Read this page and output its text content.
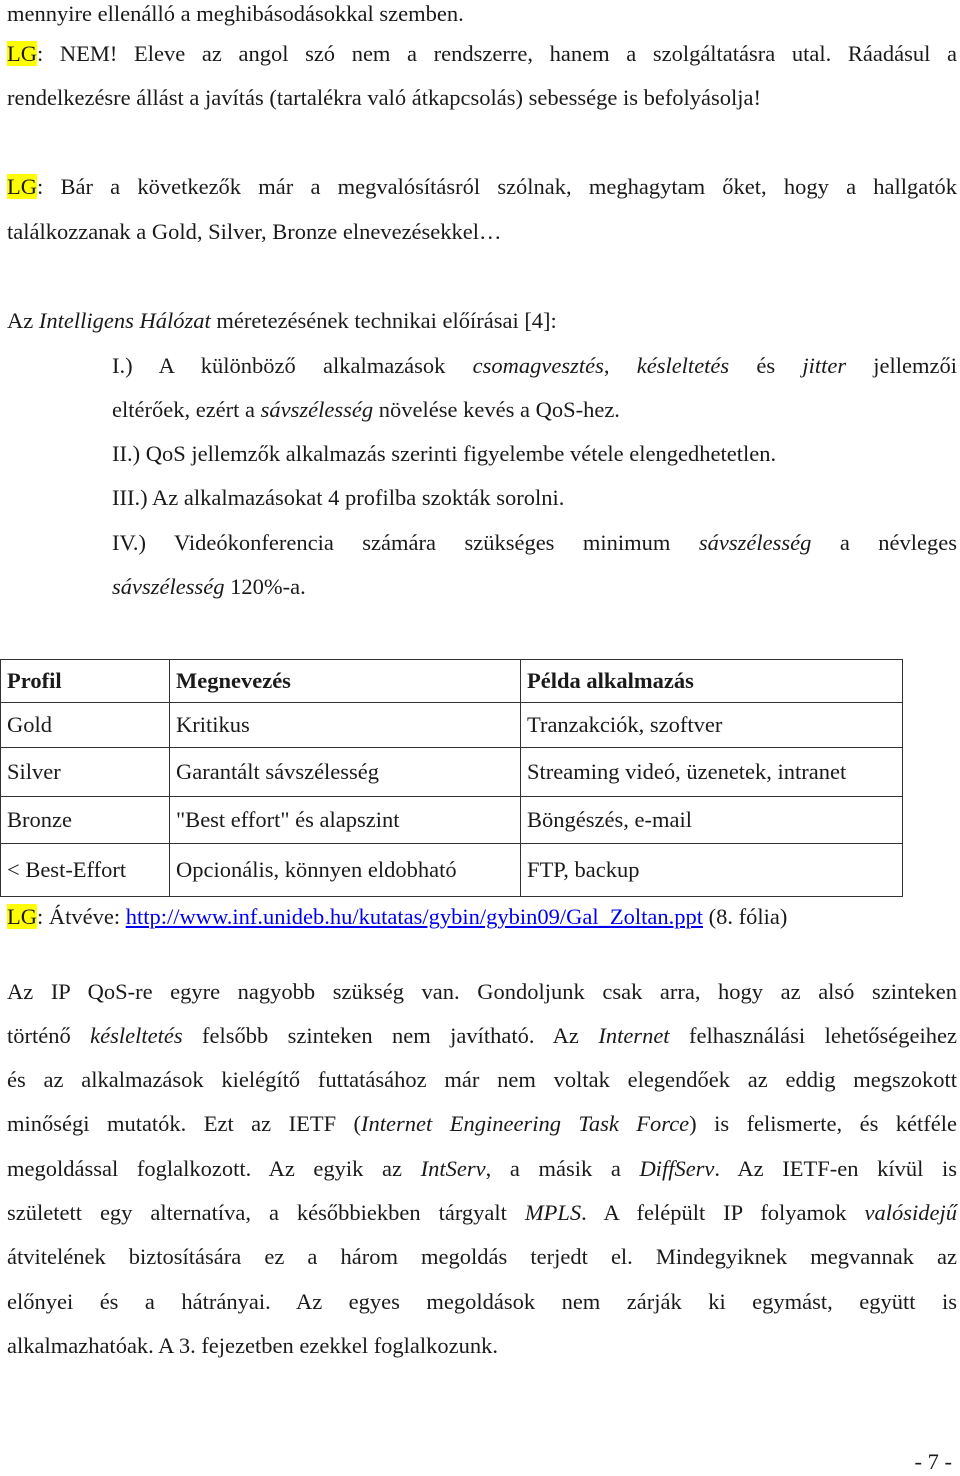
mennyire ellenálló a meghibásodásokkal szemben.
LG: NEM! Eleve az angol szó nem a rendszerre, hanem a szolgáltatásra utal. Ráadásul a
rendelkezésre állást a javítás (tartalékra való átkapcsolás) sebessége is befolyásolja!
LG: Bár a következők már a megvalósításról szólnak, meghagytam őket, hogy a hallgatók
találkozzanak a Gold, Silver, Bronze elnevezésekkel…
Az Intelligens Hálózat méretezésének technikai előírásai [4]:
I.) A különböző alkalmazások csomagvesztés, késleltetés és jitter jellemzői
eltérőek, ezért a sávszélesség növelése kevés a QoS-hez.
II.) QoS jellemzők alkalmazás szerinti figyelembe vétele elengedhetetlen.
III.) Az alkalmazásokat 4 profilba szokták sorolni.
IV.) Videókonferencia számára szükséges minimum sávszélesség a névleges
sávszélesség 120%-a.
Profil	Megnevezés	Példa alkalmazás
Gold	Kritikus	Tranzakciók, szoftver
Silver	Garantált sávszélesség	Streaming videó, üzenetek, intranet
Bronze	"Best effort" és alapszint	Böngészés, e-mail
< Best-Effort	Opcionális, könnyen eldobható	FTP, backup
LG: Átvéve: http://www.inf.unideb.hu/kutatas/gybin/gybin09/Gal_Zoltan.ppt (8. fólia)
Az IP QoS-re egyre nagyobb szükség van. Gondoljunk csak arra, hogy az alsó szinteken
történő késleltetés felsőbb szinteken nem javítható. Az Internet felhasználási lehetőségeihez
és az alkalmazások kielégítő futtatásához már nem voltak elegendőek az eddig megszokott
minőségi mutatók. Ezt az IETF (Internet Engineering Task Force) is felismerte, és kétféle
megoldással foglalkozott. Az egyik az IntServ, a másik a DiffServ. Az IETF-en kívül is
született egy alternatíva, a későbbiekben tárgyalt MPLS. A felépült IP folyamok valósidejű
átvitelének biztosítására ez a három megoldás terjedt el. Mindegyiknek megvannak az
előnyei és a hátrányai. Az egyes megoldások nem zárják ki egymást, együtt is
alkalmazhatóak. A 3. fejezetben ezekkel foglalkozunk.
- 7 -
